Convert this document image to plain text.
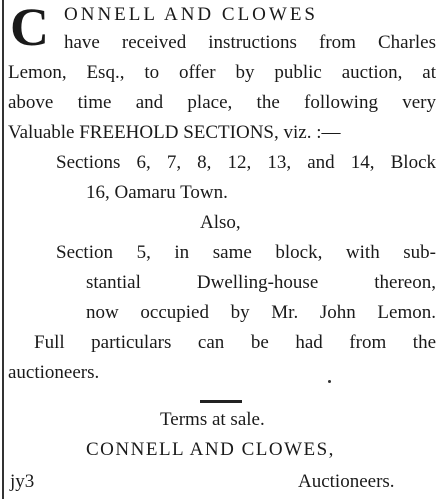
C ONNELL AND CLOWES
have received instructions from Charles
Lemon, Esq., to offer by public auction, at
above time and place, the following very
Valuable FREEHOLD SECTIONS, viz. :—
Sections 6, 7, 8, 12, 13, and 14, Block
16, Oamaru Town.
Also,
Section 5, in same block, with sub-
stantial Dwelling-house thereon,
now occupied by Mr. John Lemon.
Full particulars can be had from the
auctioneers.
Terms at sale.
CONNELL AND CLOWES,
jy3	Auctioneers.
